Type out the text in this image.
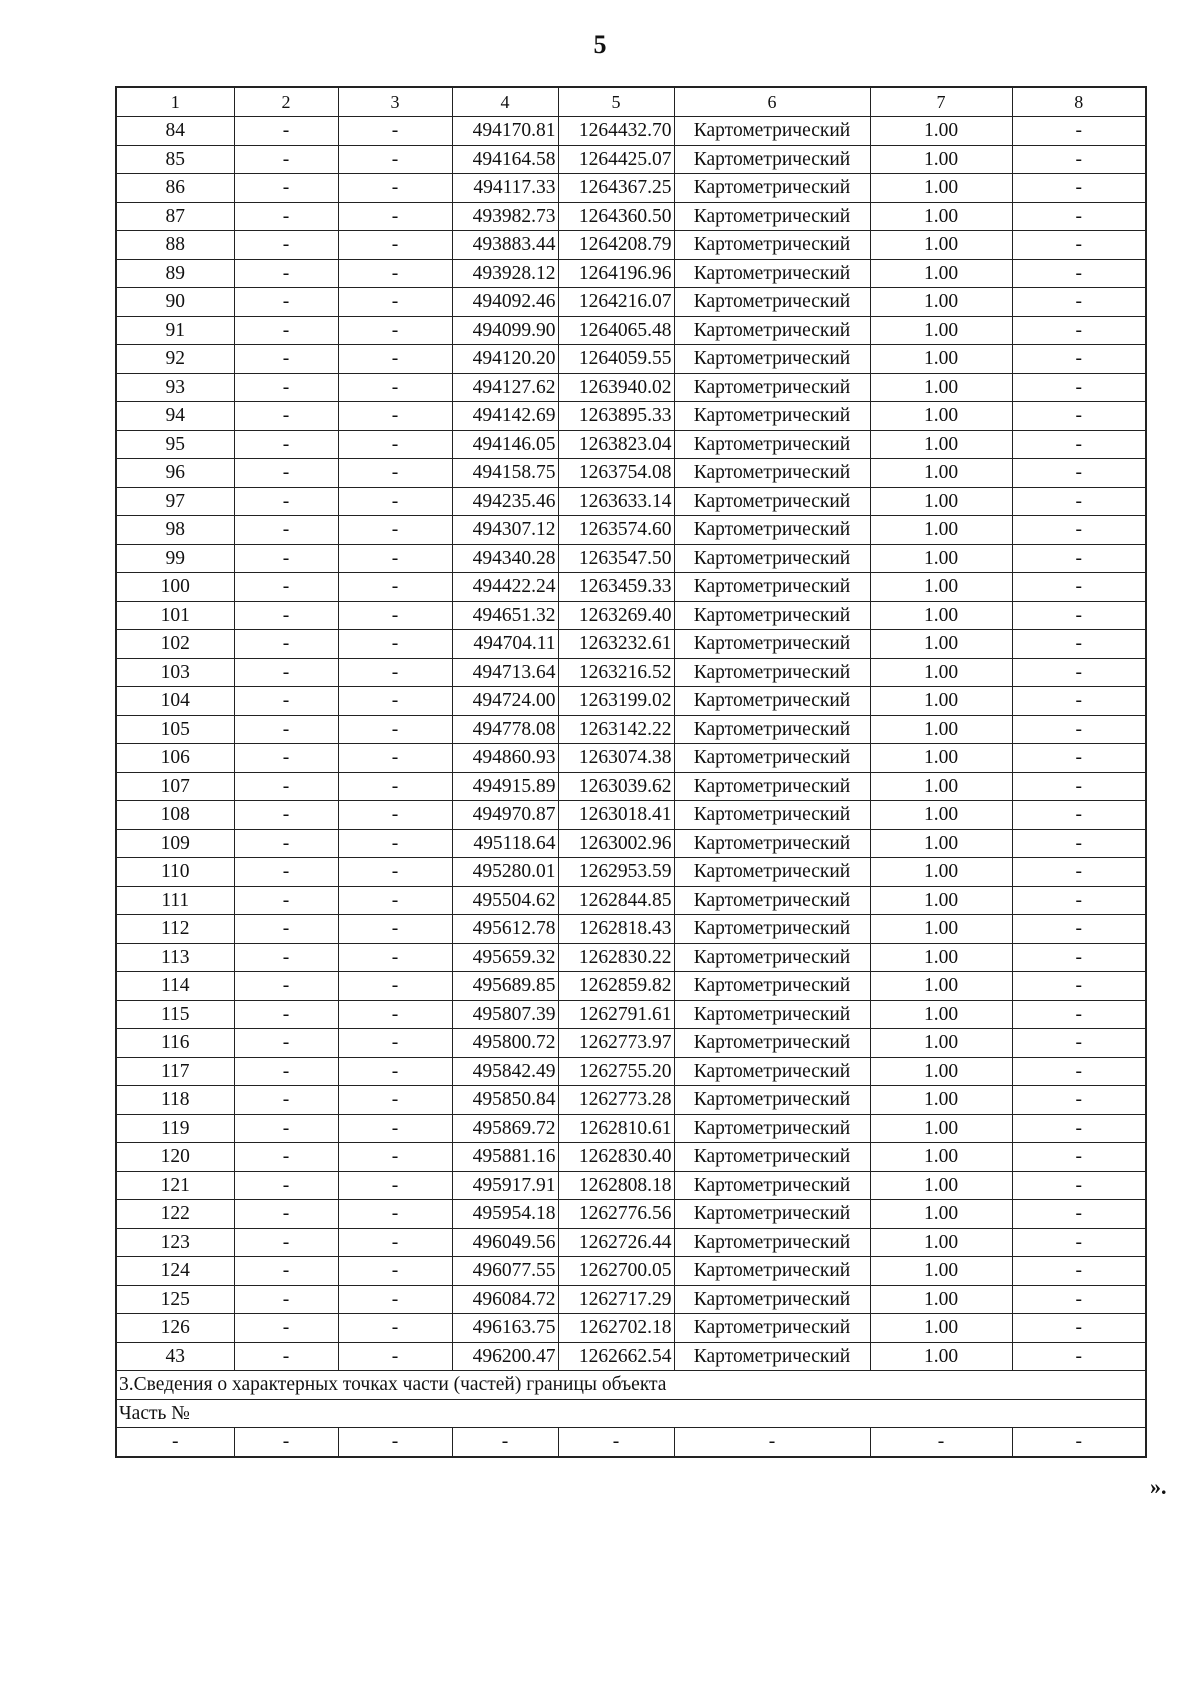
5
1	2	3	4	5	6	7	8
84	-	-	494170.81	1264432.70	Картометрический	1.00	-
85	-	-	494164.58	1264425.07	Картометрический	1.00	-
86	-	-	494117.33	1264367.25	Картометрический	1.00	-
87	-	-	493982.73	1264360.50	Картометрический	1.00	-
88	-	-	493883.44	1264208.79	Картометрический	1.00	-
89	-	-	493928.12	1264196.96	Картометрический	1.00	-
90	-	-	494092.46	1264216.07	Картометрический	1.00	-
91	-	-	494099.90	1264065.48	Картометрический	1.00	-
92	-	-	494120.20	1264059.55	Картометрический	1.00	-
93	-	-	494127.62	1263940.02	Картометрический	1.00	-
94	-	-	494142.69	1263895.33	Картометрический	1.00	-
95	-	-	494146.05	1263823.04	Картометрический	1.00	-
96	-	-	494158.75	1263754.08	Картометрический	1.00	-
97	-	-	494235.46	1263633.14	Картометрический	1.00	-
98	-	-	494307.12	1263574.60	Картометрический	1.00	-
99	-	-	494340.28	1263547.50	Картометрический	1.00	-
100	-	-	494422.24	1263459.33	Картометрический	1.00	-
101	-	-	494651.32	1263269.40	Картометрический	1.00	-
102	-	-	494704.11	1263232.61	Картометрический	1.00	-
103	-	-	494713.64	1263216.52	Картометрический	1.00	-
104	-	-	494724.00	1263199.02	Картометрический	1.00	-
105	-	-	494778.08	1263142.22	Картометрический	1.00	-
106	-	-	494860.93	1263074.38	Картометрический	1.00	-
107	-	-	494915.89	1263039.62	Картометрический	1.00	-
108	-	-	494970.87	1263018.41	Картометрический	1.00	-
109	-	-	495118.64	1263002.96	Картометрический	1.00	-
110	-	-	495280.01	1262953.59	Картометрический	1.00	-
111	-	-	495504.62	1262844.85	Картометрический	1.00	-
112	-	-	495612.78	1262818.43	Картометрический	1.00	-
113	-	-	495659.32	1262830.22	Картометрический	1.00	-
114	-	-	495689.85	1262859.82	Картометрический	1.00	-
115	-	-	495807.39	1262791.61	Картометрический	1.00	-
116	-	-	495800.72	1262773.97	Картометрический	1.00	-
117	-	-	495842.49	1262755.20	Картометрический	1.00	-
118	-	-	495850.84	1262773.28	Картометрический	1.00	-
119	-	-	495869.72	1262810.61	Картометрический	1.00	-
120	-	-	495881.16	1262830.40	Картометрический	1.00	-
121	-	-	495917.91	1262808.18	Картометрический	1.00	-
122	-	-	495954.18	1262776.56	Картометрический	1.00	-
123	-	-	496049.56	1262726.44	Картометрический	1.00	-
124	-	-	496077.55	1262700.05	Картометрический	1.00	-
125	-	-	496084.72	1262717.29	Картометрический	1.00	-
126	-	-	496163.75	1262702.18	Картометрический	1.00	-
43	-	-	496200.47	1262662.54	Картометрический	1.00	-
3.Сведения о характерных точках части (частей) границы объекта							
Часть №							
-	-	-	-	-	-	-	-
».
